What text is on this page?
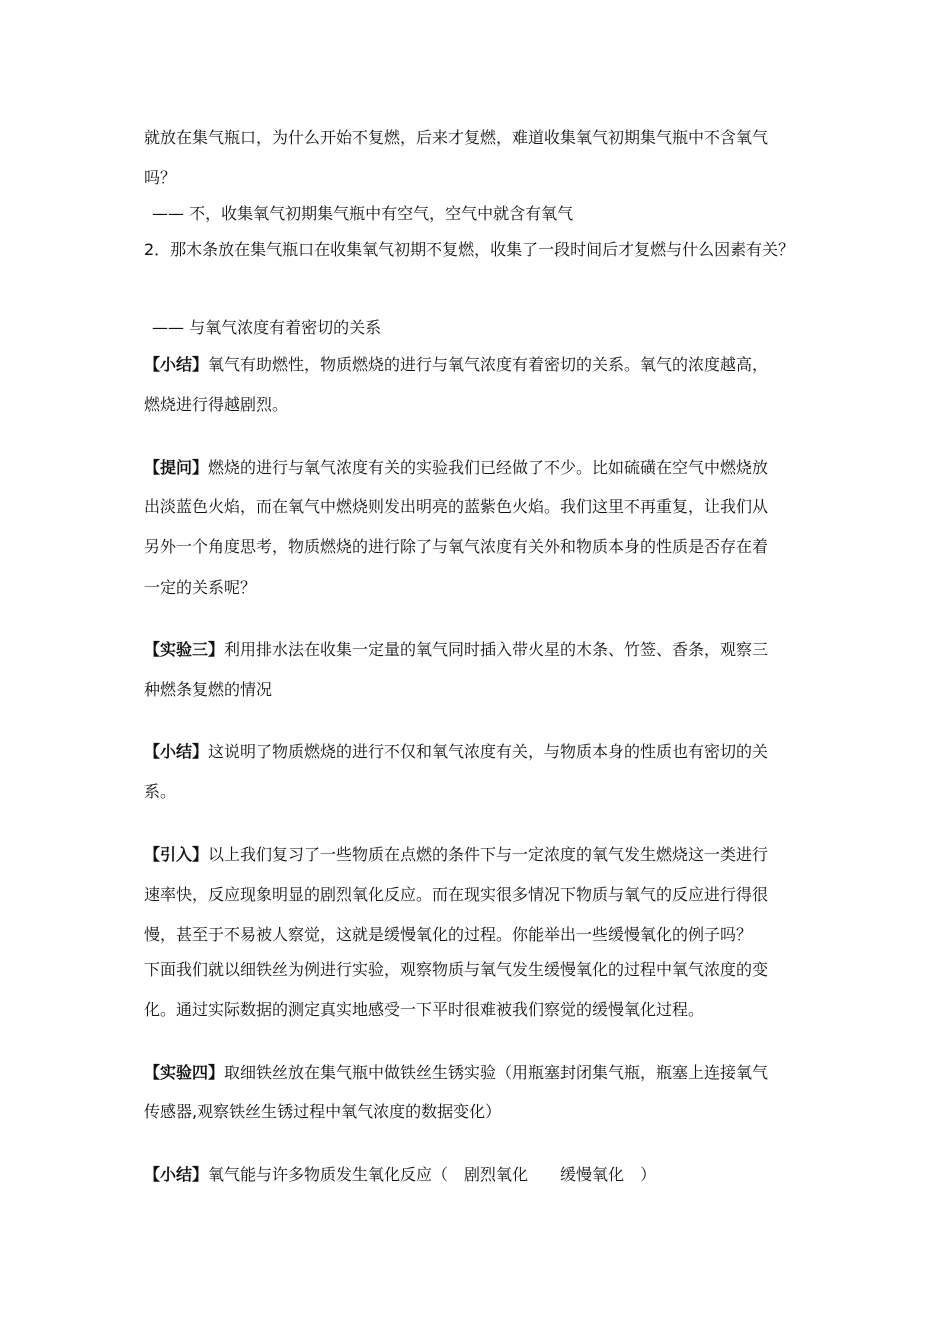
就放在集气瓶口，为什么开始不复燃，后来才复燃，难道收集氧气初期集气瓶中不含氧气
吗？
—— 不，收集氧气初期集气瓶中有空气，空气中就含有氧气
2．那木条放在集气瓶口在收集氧气初期不复燃，收集了一段时间后才复燃与什么因素有关？
—— 与氧气浓度有着密切的关系
【小结】氧气有助燃性，物质燃烧的进行与氧气浓度有着密切的关系。氧气的浓度越高，
燃烧进行得越剧烈。
【提问】燃烧的进行与氧气浓度有关的实验我们已经做了不少。比如硫磺在空气中燃烧放
出淡蓝色火焰，而在氧气中燃烧则发出明亮的蓝紫色火焰。我们这里不再重复，让我们从
另外一个角度思考，物质燃烧的进行除了与氧气浓度有关外和物质本身的性质是否存在着
一定的关系呢？
【实验三】利用排水法在收集一定量的氧气同时插入带火星的木条、竹签、香条，观察三
种燃条复燃的情况
【小结】这说明了物质燃烧的进行不仅和氧气浓度有关，与物质本身的性质也有密切的关
系。
【引入】以上我们复习了一些物质在点燃的条件下与一定浓度的氧气发生燃烧这一类进行
速率快，反应现象明显的剧烈氧化反应。而在现实很多情况下物质与氧气的反应进行得很
慢，甚至于不易被人察觉，这就是缓慢氧化的过程。你能举出一些缓慢氧化的例子吗？
下面我们就以细铁丝为例进行实验，观察物质与氧气发生缓慢氧化的过程中氧气浓度的变
化。通过实际数据的测定真实地感受一下平时很难被我们察觉的缓慢氧化过程。
【实验四】取细铁丝放在集气瓶中做铁丝生锈实验（用瓶塞封闭集气瓶，瓶塞上连接氧气
传感器,观察铁丝生锈过程中氧气浓度的数据变化）
【小结】氧气能与许多物质发生氧化反应（ 剧烈氧化 缓慢氧化 ）
